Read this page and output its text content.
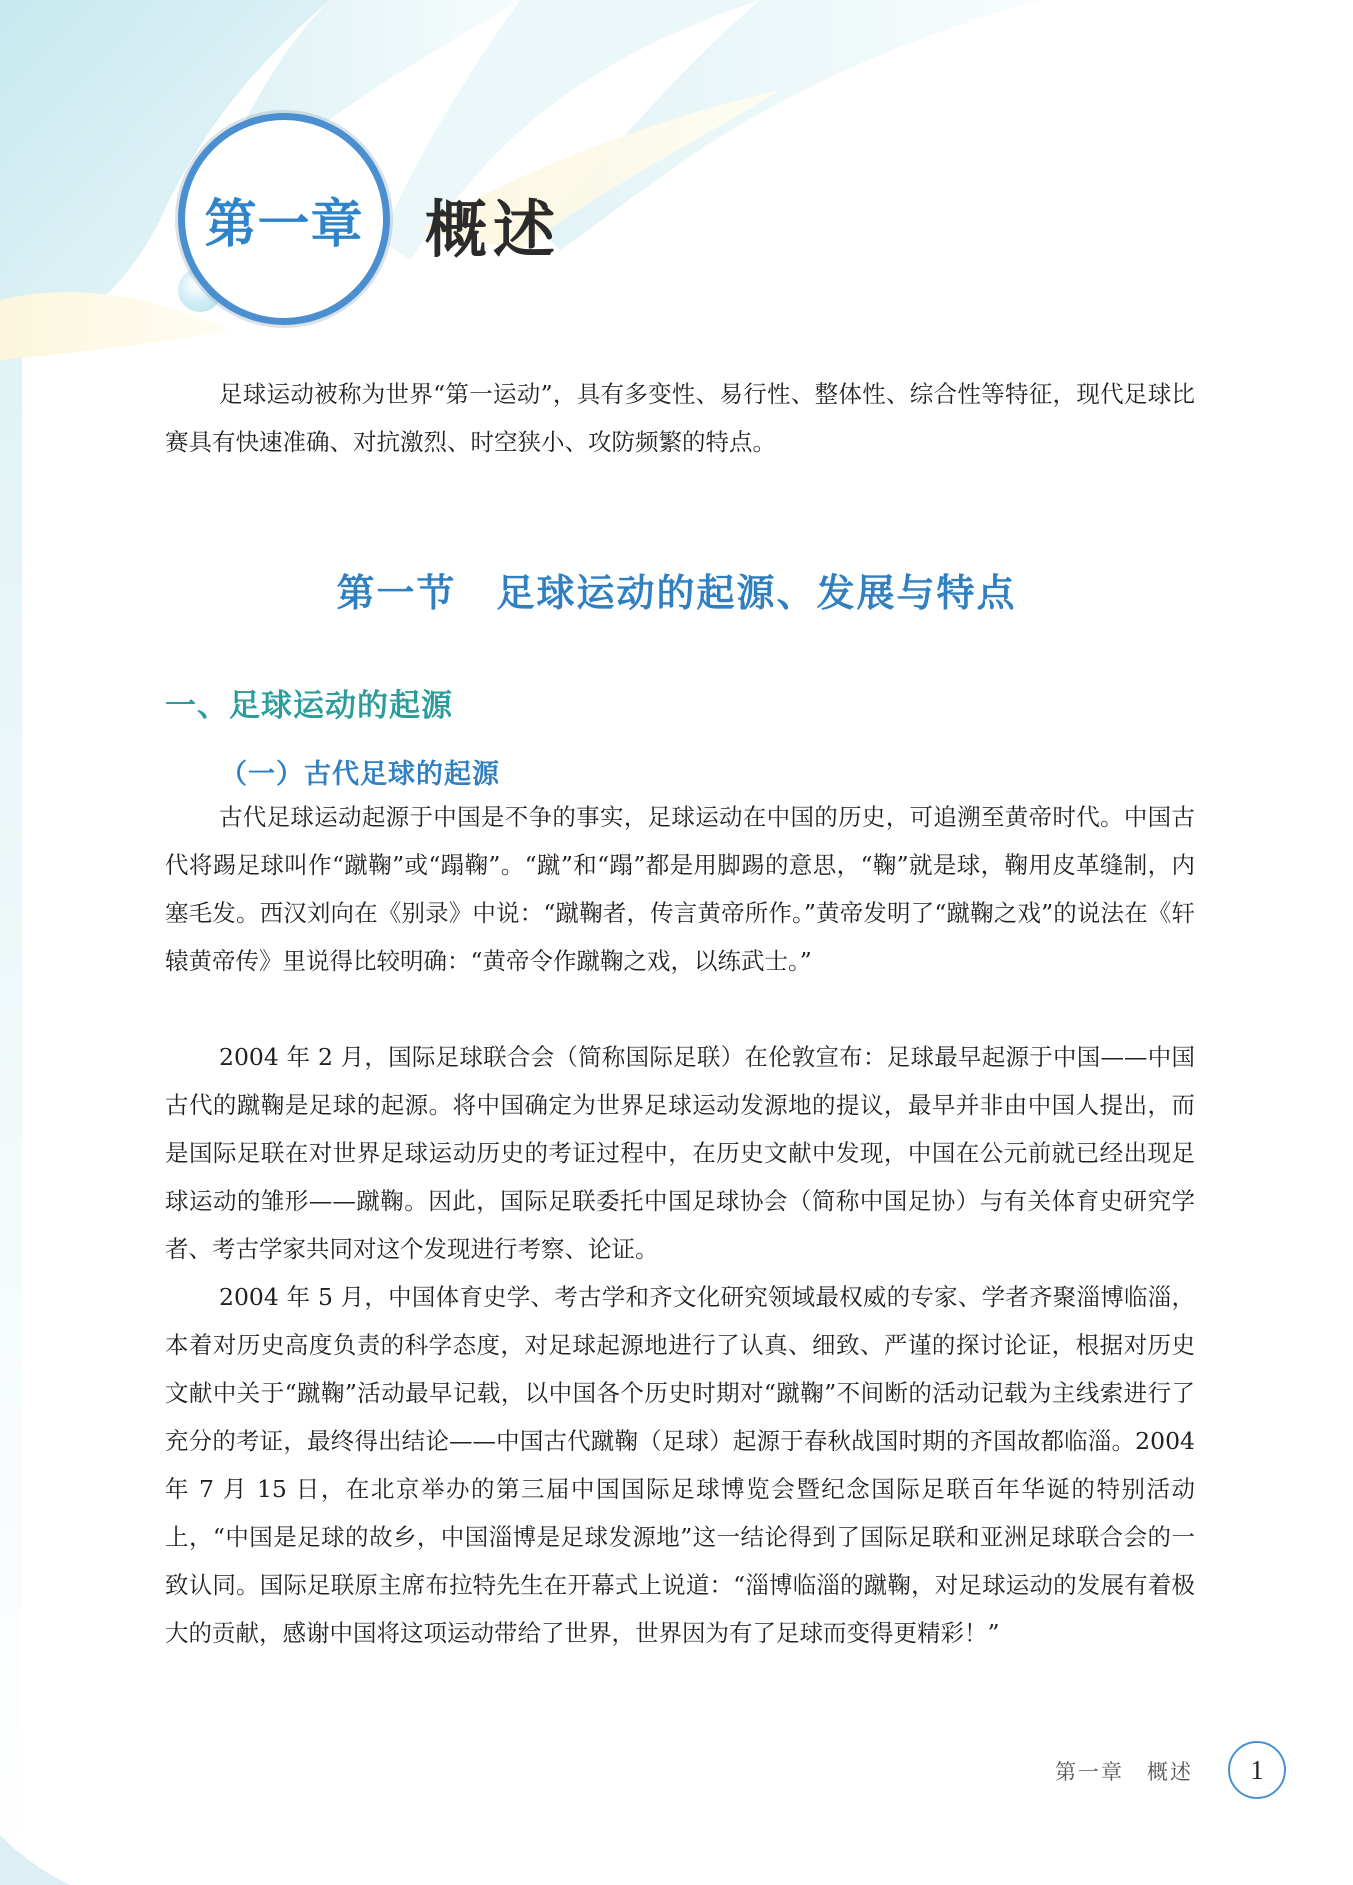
第一章 概述

足球运动被称为世界“第一运动”，具有多变性、易行性、整体性、综合性等特征，现代足球比赛具有快速准确、对抗激烈、时空狭小、攻防频繁的特点。

第一节　足球运动的起源、发展与特点
一、足球运动的起源
（一）古代足球的起源

古代足球运动起源于中国是不争的事实，足球运动在中国的历史，可追溯至黄帝时代。中国古代将踢足球叫作“蹴鞠”或“蹋鞠”。“蹴”和“蹋”都是用脚踢的意思，“鞠”就是球，鞠用皮革缝制，内塞毛发。西汉刘向在《别录》中说：“蹴鞠者，传言黄帝所作。”黄帝发明了“蹴鞠之戏”的说法在《轩辕黄帝传》里说得比较明确：“黄帝令作蹴鞠之戏，以练武士。”

2004 年 2 月，国际足球联合会（简称国际足联）在伦敦宣布：足球最早起源于中国——中国古代的蹴鞠是足球的起源。将中国确定为世界足球运动发源地的提议，最早并非由中国人提出，而是国际足联在对世界足球运动历史的考证过程中，在历史文献中发现，中国在公元前就已经出现足球运动的雏形——蹴鞠。因此，国际足联委托中国足球协会（简称中国足协）与有关体育史研究学者、考古学家共同对这个发现进行考察、论证。

2004 年 5 月，中国体育史学、考古学和齐文化研究领域最权威的专家、学者齐聚淄博临淄，本着对历史高度负责的科学态度，对足球起源地进行了认真、细致、严谨的探讨论证，根据对历史文献中关于“蹴鞠”活动最早记载，以中国各个历史时期对“蹴鞠”不间断的活动记载为主线索进行了充分的考证，最终得出结论——中国古代蹴鞠（足球）起源于春秋战国时期的齐国故都临淄。2004 年 7 月 15 日，在北京举办的第三届中国国际足球博览会暨纪念国际足联百年华诞的特别活动上，“中国是足球的故乡，中国淄博是足球发源地”这一结论得到了国际足联和亚洲足球联合会的一致认同。国际足联原主席布拉特先生在开幕式上说道：“淄博临淄的蹴鞠，对足球运动的发展有着极大的贡献，感谢中国将这项运动带给了世界，世界因为有了足球而变得更精彩！”

第一章　概述 1
